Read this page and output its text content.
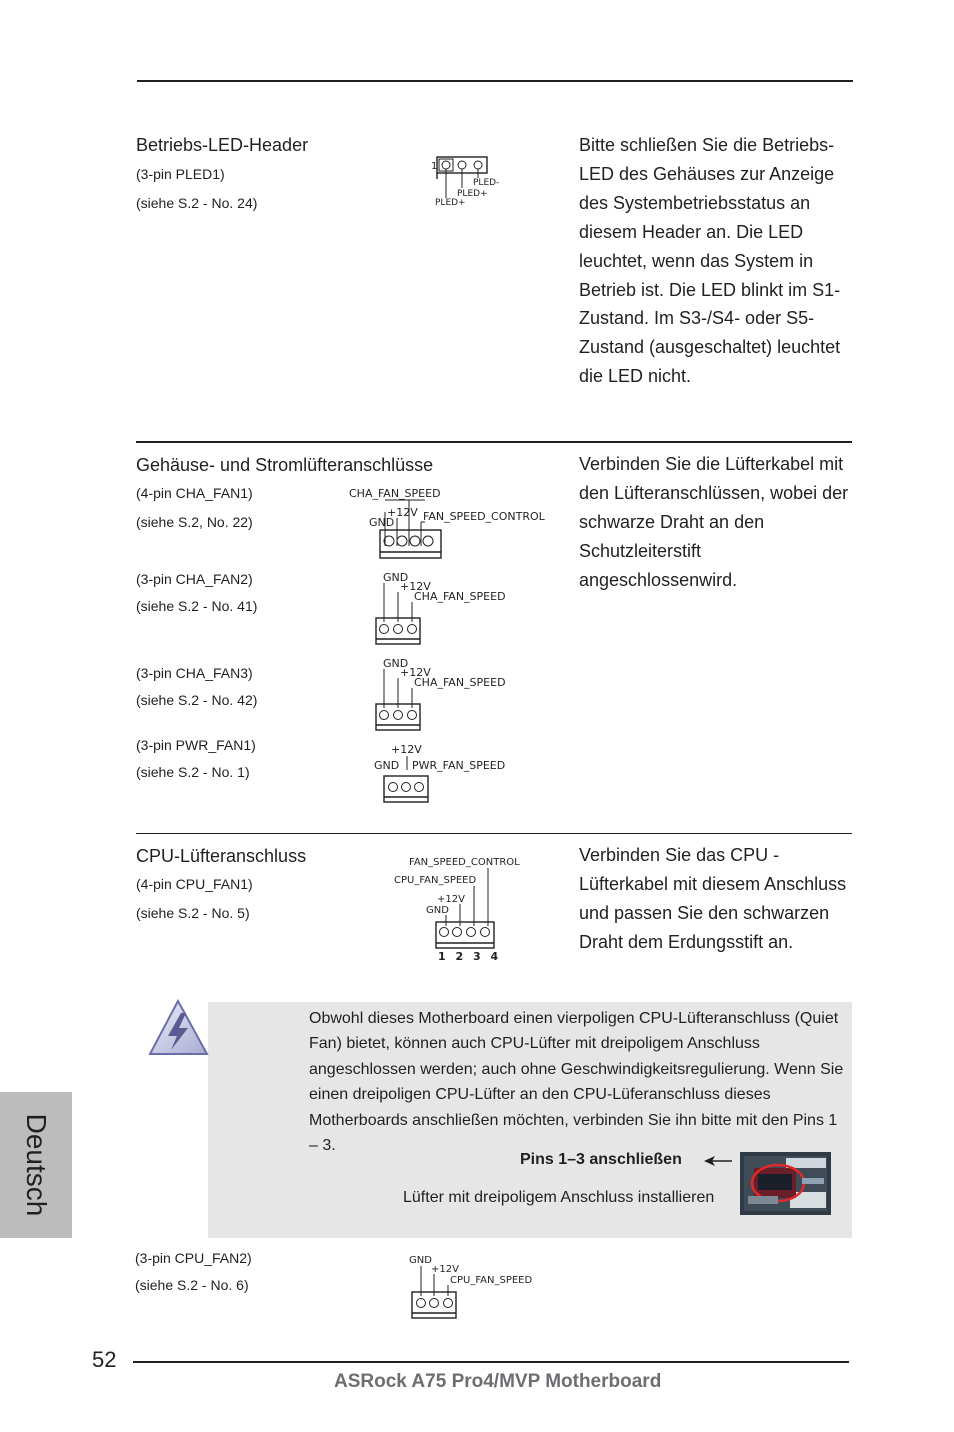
Betriebs-LED-Header
(3-pin PLED1)
(siehe S.2 - No. 24)
Bitte schließen Sie die Betriebs-LED des Gehäuses zur Anzeige des Systembetriebsstatus an diesem Header an. Die LED leuchtet, wenn das System in Betrieb ist. Die LED blinkt im S1-Zustand. Im S3-/S4- oder S5-Zustand (ausgeschaltet) leuchtet die LED nicht.
1
PLED-
PLED+
PLED+
Gehäuse- und Stromlüfteranschlüsse	Verbinden Sie die Lüfterkabel mit den Lüfteranschlüssen, wobei der schwarze Draht an den Schutzleiterstift angeschlossenwird.
(4-pin CHA_FAN1)
(siehe S.2, No. 22)
CHA_FAN_SPEED
+12V
GND	FAN_SPEED_CONTROL
(3-pin CHA_FAN2)
(siehe S.2 - No. 41)
GND
+12V
CHA_FAN_SPEED
(3-pin CHA_FAN3)
(siehe S.2 - No. 42)
GND
+12V
CHA_FAN_SPEED
(3-pin PWR_FAN1)
(siehe S.2 - No. 1)
+12V
GND PWR_FAN_SPEED
CPU-Lüfteranschluss
(4-pin CPU_FAN1)
(siehe S.2 - No. 5)
Verbinden Sie das CPU -Lüfterkabel mit diesem Anschluss und passen Sie den schwarzen Draht dem Erdungsstift an.
FAN_SPEED_CONTROL
CPU_FAN_SPEED
+12V
GND
1 2 3 4
Obwohl dieses Motherboard einen vierpoligen CPU-Lüfteranschluss (Quiet Fan) bietet, können auch CPU-Lüfter mit dreipoligem Anschluss angeschlossen werden; auch ohne Geschwindigkeitsregulierung. Wenn Sie einen dreipoligen CPU-Lüfter an den CPU-Lüferanschluss dieses Motherboards anschließen möchten, verbinden Sie ihn bitte mit den Pins 1 – 3.
Pins 1–3 anschließen
Lüfter mit dreipoligem Anschluss installieren
(3-pin CPU_FAN2)
(siehe S.2 - No. 6)
GND
+12V
CPU_FAN_SPEED
Deutsch
52
ASRock A75 Pro4/MVP Motherboard
